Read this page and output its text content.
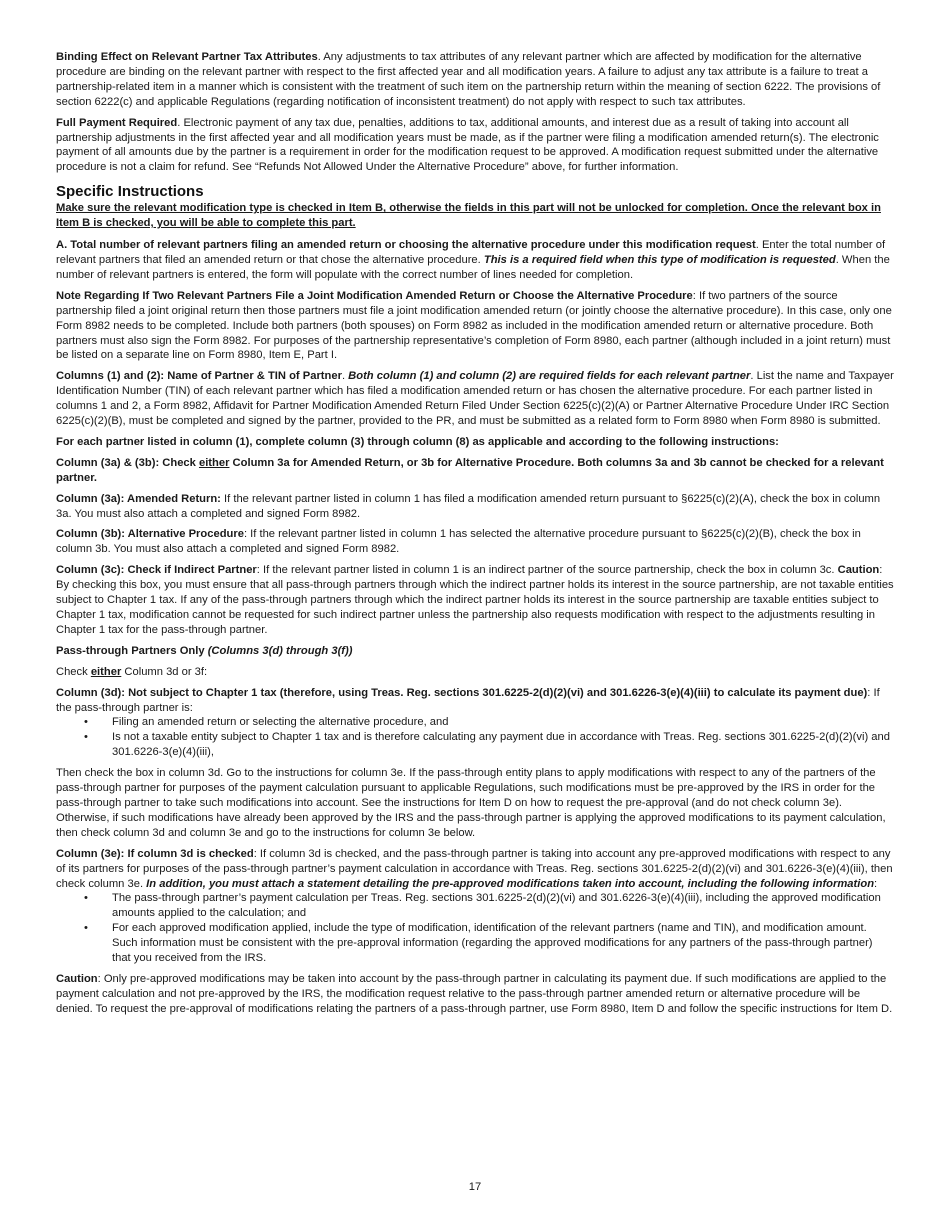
Binding Effect on Relevant Partner Tax Attributes. Any adjustments to tax attributes of any relevant partner which are affected by modification for the alternative procedure are binding on the relevant partner with respect to the first affected year and all modification years. A failure to adjust any tax attribute is a failure to treat a partnership-related item in a manner which is consistent with the treatment of such item on the partnership return within the meaning of section 6222. The provisions of section 6222(c) and applicable Regulations (regarding notification of inconsistent treatment) do not apply with respect to such tax attributes.

Full Payment Required. Electronic payment of any tax due, penalties, additions to tax, additional amounts, and interest due as a result of taking into account all partnership adjustments in the first affected year and all modification years must be made, as if the partner were filing a modification amended return(s). The electronic payment of all amounts due by the partner is a requirement in order for the modification request to be approved. A modification request submitted under the alternative procedure is not a claim for refund. See “Refunds Not Allowed Under the Alternative Procedure” above, for further information.

Specific Instructions

Make sure the relevant modification type is checked in Item B, otherwise the fields in this part will not be unlocked for completion. Once the relevant box in Item B is checked, you will be able to complete this part.

A. Total number of relevant partners filing an amended return or choosing the alternative procedure under this modification request. Enter the total number of relevant partners that filed an amended return or that chose the alternative procedure. This is a required field when this type of modification is requested. When the number of relevant partners is entered, the form will populate with the correct number of lines needed for completion.

Note Regarding If Two Relevant Partners File a Joint Modification Amended Return or Choose the Alternative Procedure: If two partners of the source partnership filed a joint original return then those partners must file a joint modification amended return (or jointly choose the alternative procedure). In this case, only one Form 8982 needs to be completed. Include both partners (both spouses) on Form 8982 as included in the modification amended return or alternative procedure. Both partners must also sign the Form 8982. For purposes of the partnership representative’s completion of Form 8980, each partner (although included in a joint return) must be listed on a separate line on Form 8980, Item E, Part I.

Columns (1) and (2): Name of Partner & TIN of Partner. Both column (1) and column (2) are required fields for each relevant partner. List the name and Taxpayer Identification Number (TIN) of each relevant partner which has filed a modification amended return or has chosen the alternative procedure. For each partner listed in columns 1 and 2, a Form 8982, Affidavit for Partner Modification Amended Return Filed Under Section 6225(c)(2)(A) or Partner Alternative Procedure Under IRC Section 6225(c)(2)(B), must be completed and signed by the partner, provided to the PR, and must be submitted as a related form to Form 8980 when Form 8980 is submitted.

For each partner listed in column (1), complete column (3) through column (8) as applicable and according to the following instructions:

Column (3a) & (3b): Check either Column 3a for Amended Return, or 3b for Alternative Procedure. Both columns 3a and 3b cannot be checked for a relevant partner.

Column (3a): Amended Return: If the relevant partner listed in column 1 has filed a modification amended return pursuant to §6225(c)(2)(A), check the box in column 3a. You must also attach a completed and signed Form 8982.

Column (3b): Alternative Procedure: If the relevant partner listed in column 1 has selected the alternative procedure pursuant to §6225(c)(2)(B), check the box in column 3b. You must also attach a completed and signed Form 8982.

Column (3c): Check if Indirect Partner: If the relevant partner listed in column 1 is an indirect partner of the source partnership, check the box in column 3c. Caution: By checking this box, you must ensure that all pass-through partners through which the indirect partner holds its interest in the source partnership, are not taxable entities subject to Chapter 1 tax. If any of the pass-through partners through which the indirect partner holds its interest in the source partnership are taxable entities subject to Chapter 1 tax, modification cannot be requested for such indirect partner unless the partnership also requests modification with respect to the adjustments resulting in Chapter 1 tax for the pass-through partner.

Pass-through Partners Only (Columns 3(d) through 3(f))

Check either Column 3d or 3f:

Column (3d): Not subject to Chapter 1 tax (therefore, using Treas. Reg. sections 301.6225-2(d)(2)(vi) and 301.6226-3(e)(4)(iii) to calculate its payment due): If the pass-through partner is:

• Filing an amended return or selecting the alternative procedure, and
• Is not a taxable entity subject to Chapter 1 tax and is therefore calculating any payment due in accordance with Treas. Reg. sections 301.6225-2(d)(2)(vi) and 301.6226-3(e)(4)(iii),

Then check the box in column 3d. Go to the instructions for column 3e. If the pass-through entity plans to apply modifications with respect to any of the partners of the pass-through partner for purposes of the payment calculation pursuant to applicable Regulations, such modifications must be pre-approved by the IRS in order for the pass-through partner to take such modifications into account. See the instructions for Item D on how to request the pre-approval (and do not check column 3e). Otherwise, if such modifications have already been approved by the IRS and the pass-through partner is applying the approved modifications to its payment calculation, then check column 3d and column 3e and go to the instructions for column 3e below.

Column (3e): If column 3d is checked: If column 3d is checked, and the pass-through partner is taking into account any pre-approved modifications with respect to any of its partners for purposes of the pass-through partner’s payment calculation in accordance with Treas. Reg. sections 301.6225-2(d)(2)(vi) and 301.6226-3(e)(4)(iii), then check column 3e. In addition, you must attach a statement detailing the pre-approved modifications taken into account, including the following information:

• The pass-through partner’s payment calculation per Treas. Reg. sections 301.6225-2(d)(2)(vi) and 301.6226-3(e)(4)(iii), including the approved modification amounts applied to the calculation; and
• For each approved modification applied, include the type of modification, identification of the relevant partners (name and TIN), and modification amount. Such information must be consistent with the pre-approval information (regarding the approved modifications for any partners of the pass-through partner) that you received from the IRS.

Caution: Only pre-approved modifications may be taken into account by the pass-through partner in calculating its payment due. If such modifications are applied to the payment calculation and not pre-approved by the IRS, the modification request relative to the pass-through partner amended return or alternative procedure will be denied. To request the pre-approval of modifications relating the partners of a pass-through partner, use Form 8980, Item D and follow the specific instructions for Item D.

17
